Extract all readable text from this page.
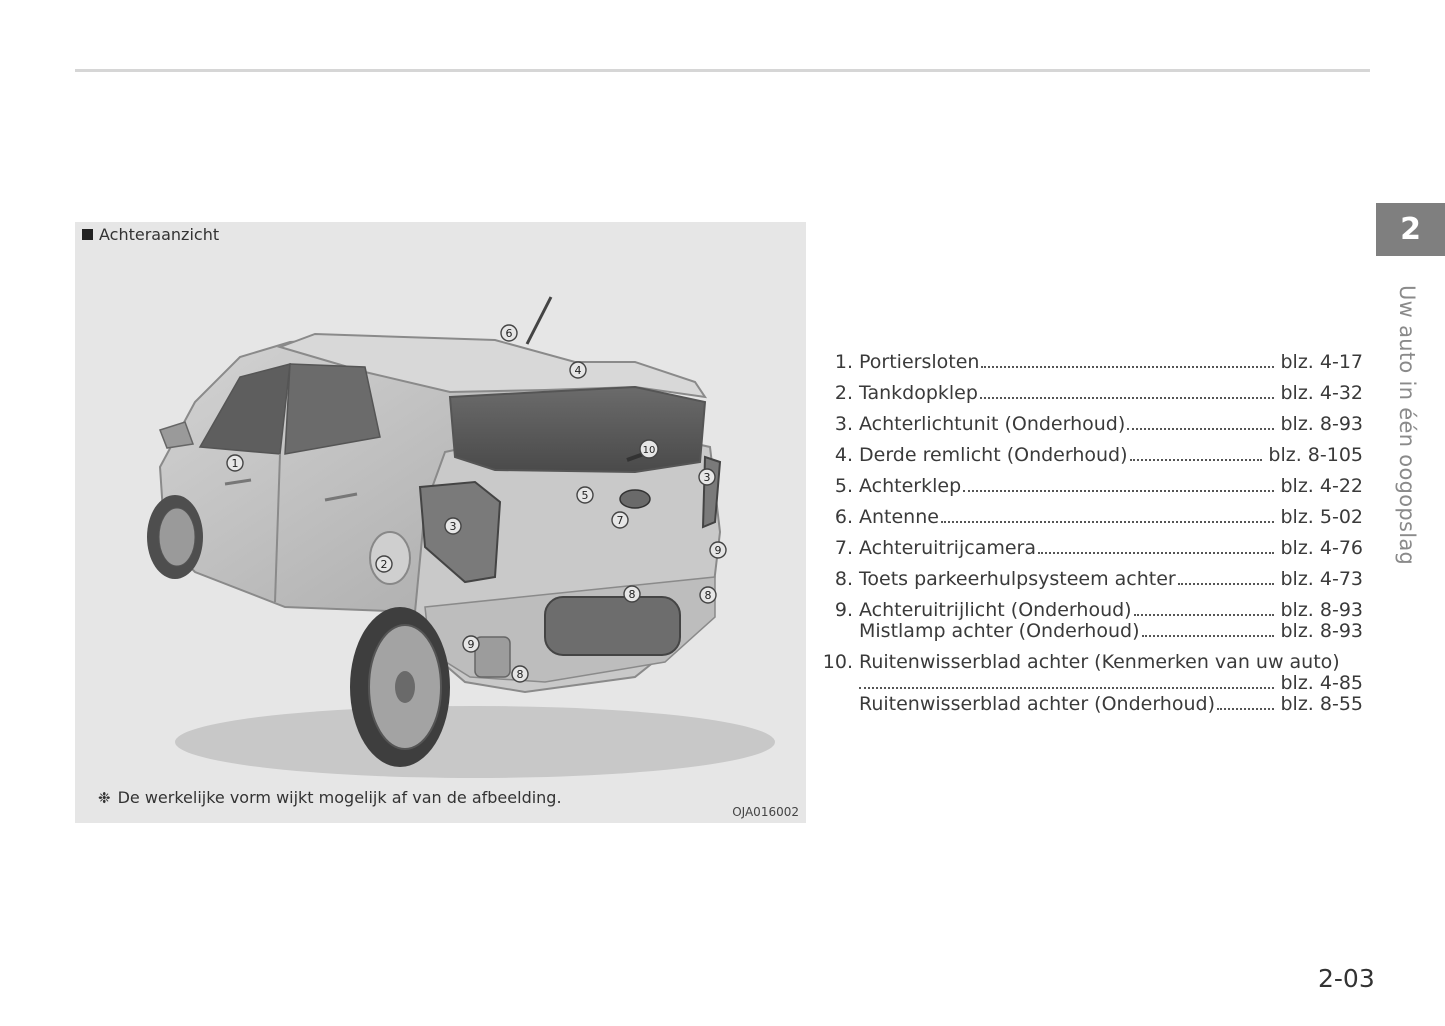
1
2
3
3
4
5
6
7
8	8
8
9
9
10
Achteraanzicht
❉ De werkelijke vorm wijkt mogelijk af van de afbeelding.
OJA016002
1. Portiersloten	blz. 4-17
2. Tankdopklep	blz. 4-32
3. Achterlichtunit (Onderhoud)	blz. 8-93
4. Derde remlicht (Onderhoud)	blz. 8-105
5. Achterklep	blz. 4-22
6. Antenne	blz. 5-02
7. Achteruitrijcamera	blz. 4-76
8. Toets parkeerhulpsysteem achter	blz. 4-73
9. Achteruitrijlicht (Onderhoud)	blz. 8-93
Mistlamp achter (Onderhoud)	blz. 8-93
10. Ruitenwisserblad achter (Kenmerken van uw auto)
blz. 4-85
Ruitenwisserblad achter (Onderhoud)	blz. 8-55
2
Uw auto in één oogopslag
2-03
